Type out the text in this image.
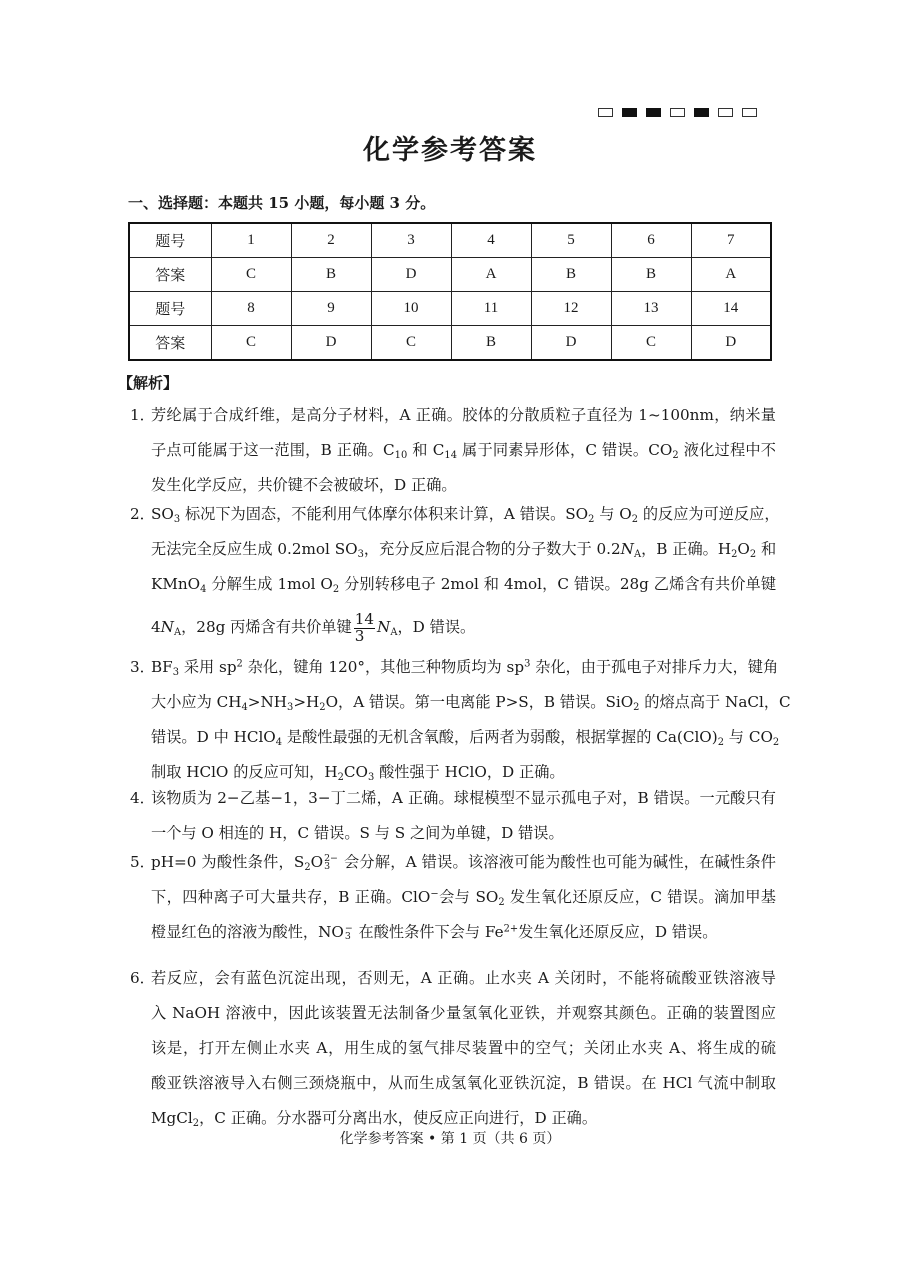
化学参考答案
一、选择题：本题共 15 小题，每小题 3 分。
题号	1	2	3	4	5	6	7
答案	C	B	D	A	B	B	A
题号	8	9	10	11	12	13	14
答案	C	D	C	B	D	C	D
【解析】
1．
芳纶属于合成纤维，是高分子材料，A 正确。胶体的分散质粒子直径为 1~100nm，纳米量
子点可能属于这一范围，B 正确。$C_{10}$ 和 $C_{14}$ 属于同素异形体，C 错误。$CO_2$ 液化过程中不
发生化学反应，共价键不会被破坏，D 正确。
2．
$SO_3$ 标况下为固态，不能利用气体摩尔体积来计算，A 错误。$SO_2$ 与 $O_2$ 的反应为可逆反应，
无法完全反应生成 0.2mol $SO_3$，充分反应后混合物的分子数大于 $0.2N_A$，B 正确。$H_2O_2$ 和
KMnO$_4$ 分解生成 1mol $O_2$ 分别转移电子 2mol 和 4mol，C 错误。28g 乙烯含有共价单键
$4N_A$，28g 丙烯含有共价单键 $\frac{14}{3} N_A$，D 错误。
3．
$BF_3$ 采用 $sp^2$ 杂化，键角 120°，其他三种物质均为 $sp^3$ 杂化，由于孤电子对排斥力大，键角
大小应为 $CH_4>NH_3>H_2O$，A 错误。第一电离能 P>S，B 错误。SiO$_2$ 的熔点高于 NaCl，C
错误。D 中 HClO$_4$ 是酸性最强的无机含氧酸，后两者为弱酸，根据掌握的 $Ca(ClO)_2$ 与 $CO_2$
制取 HClO 的反应可知，$H_2CO_3$ 酸性强于 HClO，D 正确。
4．
该物质为 2−乙基−1，3−丁二烯，A 正确。球棍模型不显示孤电子对，B 错误。一元酸只有
一个与 O 相连的 H，C 错误。S 与 S 之间为单键，D 错误。
5．
pH=0 为酸性条件，$S_2O$ 2−
3 会分解，A 错误。该溶液可能为酸性也可能为碱性，在碱性条件
下，四种离子可大量共存，B 正确。ClO−会与 $SO_2$ 发生氧化还原反应，C 错误。滴加甲基
橙显红色的溶液为酸性，NO −
3 在酸性条件下会与 $Fe^{2+}$发生氧化还原反应，D 错误。
6．
若反应，会有蓝色沉淀出现，否则无，A 正确。止水夹 A 关闭时，不能将硫酸亚铁溶液导
入 NaOH 溶液中，因此该装置无法制备少量氢氧化亚铁，并观察其颜色。正确的装置图应
该是，打开左侧止水夹 A，用生成的氢气排尽装置中的空气；关闭止水夹 A、将生成的硫
酸亚铁溶液导入右侧三颈烧瓶中，从而生成氢氧化亚铁沉淀，B 错误。在 HCl 气流中制取
MgCl$_2$，C 正确。分水器可分离出水，使反应正向进行，D 正确。
化学参考答案 • 第 1 页（共 6 页）
